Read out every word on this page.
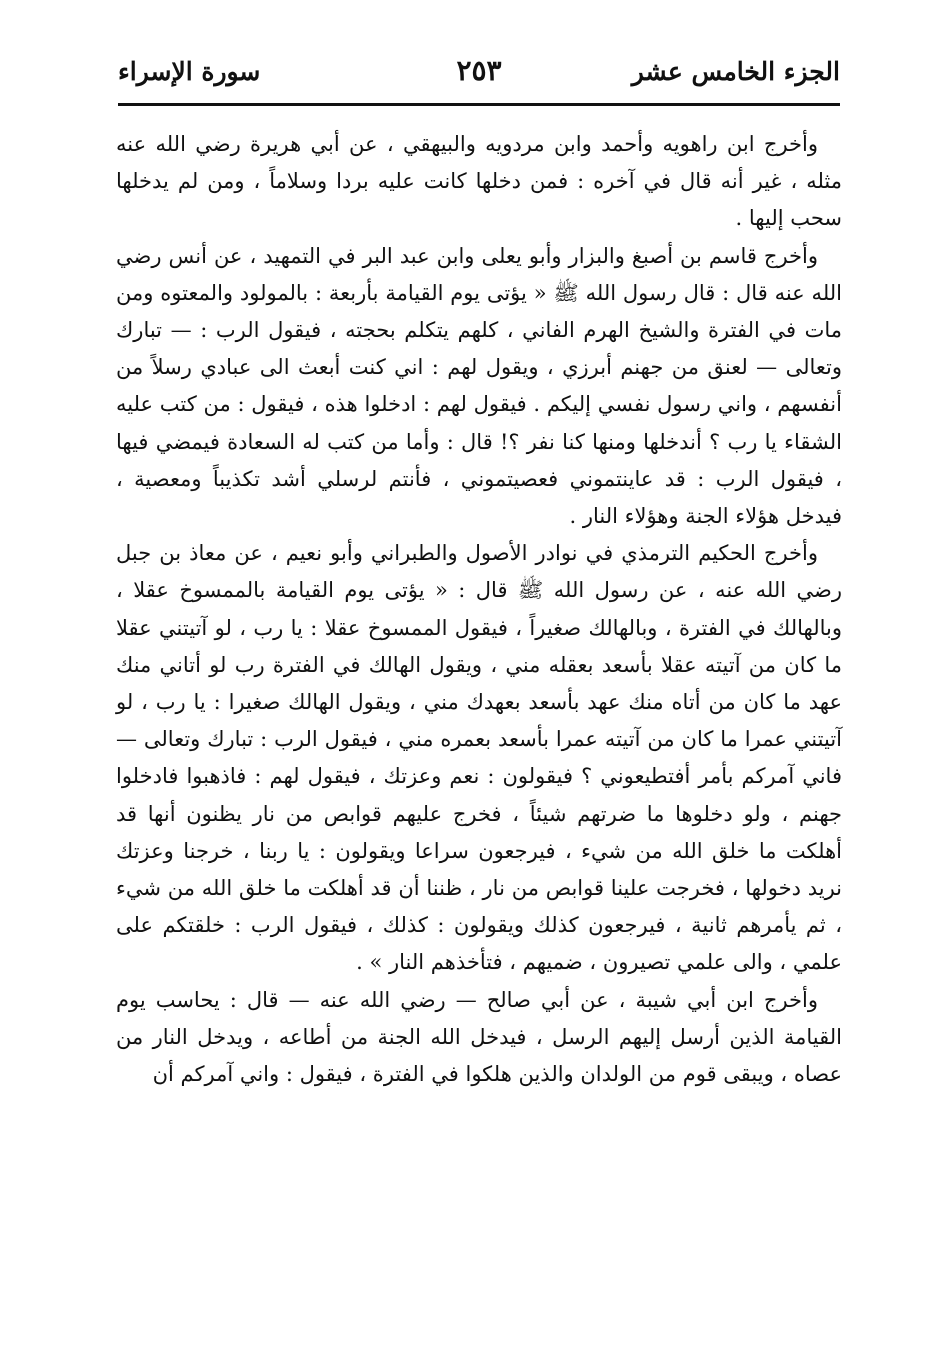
الجزء الخامس عشر
٢٥٣
سورة الإسراء

وأخرج ابن راهويه وأحمد وابن مردويه والبيهقي ، عن أبي هريرة رضي الله عنه مثله ، غير أنه قال في آخره : فمن دخلها كانت عليه بردا وسلاماً ، ومن لم يدخلها سحب إليها .

وأخرج قاسم بن أصبغ والبزار وأبو يعلى وابن عبد البر في التمهيد ، عن أنس رضي الله عنه قال : قال رسول الله ﷺ « يؤتى يوم القيامة بأربعة : بالمولود والمعتوه ومن مات في الفترة والشيخ الهرم الفاني ، كلهم يتكلم بحجته ، فيقول الرب : — تبارك وتعالى — لعنق من جهنم أبرزي ، ويقول لهم : اني كنت أبعث الى عبادي رسلاً من أنفسهم ، واني رسول نفسي إليكم . فيقول لهم : ادخلوا هذه ، فيقول : من كتب عليه الشقاء يا رب ؟ أندخلها ومنها كنا نفر ؟! قال : وأما من كتب له السعادة فيمضي فيها ، فيقول الرب : قد عاينتموني فعصيتموني ، فأنتم لرسلي أشد تكذيباً ومعصية ، فيدخل هؤلاء الجنة وهؤلاء النار .

وأخرج الحكيم الترمذي في نوادر الأصول والطبراني وأبو نعيم ، عن معاذ بن جبل رضي الله عنه ، عن رسول الله ﷺ قال : « يؤتى يوم القيامة بالممسوخ عقلا ، وبالهالك في الفترة ، وبالهالك صغيراً ، فيقول الممسوخ عقلا : يا رب ، لو آتيتني عقلا ما كان من آتيته عقلا بأسعد بعقله مني ، ويقول الهالك في الفترة رب لو أتاني منك عهد ما كان من أتاه منك عهد بأسعد بعهدك مني ، ويقول الهالك صغيرا : يا رب ، لو آتيتني عمرا ما كان من آتيته عمرا بأسعد بعمره مني ، فيقول الرب : تبارك وتعالى — فاني آمركم بأمر أفتطيعوني ؟ فيقولون : نعم وعزتك ، فيقول لهم : فاذهبوا فادخلوا جهنم ، ولو دخلوها ما ضرتهم شيئاً ، فخرج عليهم قوابص من نار يظنون أنها قد أهلكت ما خلق الله من شيء ، فيرجعون سراعا ويقولون : يا ربنا ، خرجنا وعزتك نريد دخولها ، فخرجت علينا قوابص من نار ، ظننا أن قد أهلكت ما خلق الله من شيء ، ثم يأمرهم ثانية ، فيرجعون كذلك ويقولون : كذلك ، فيقول الرب : خلقتكم على علمي ، والى علمي تصيرون ، ضميهم ، فتأخذهم النار » .

وأخرج ابن أبي شيبة ، عن أبي صالح — رضي الله عنه — قال : يحاسب يوم القيامة الذين أرسل إليهم الرسل ، فيدخل الله الجنة من أطاعه ، ويدخل النار من عصاه ، ويبقى قوم من الولدان والذين هلكوا في الفترة ، فيقول : واني آمركم أن
